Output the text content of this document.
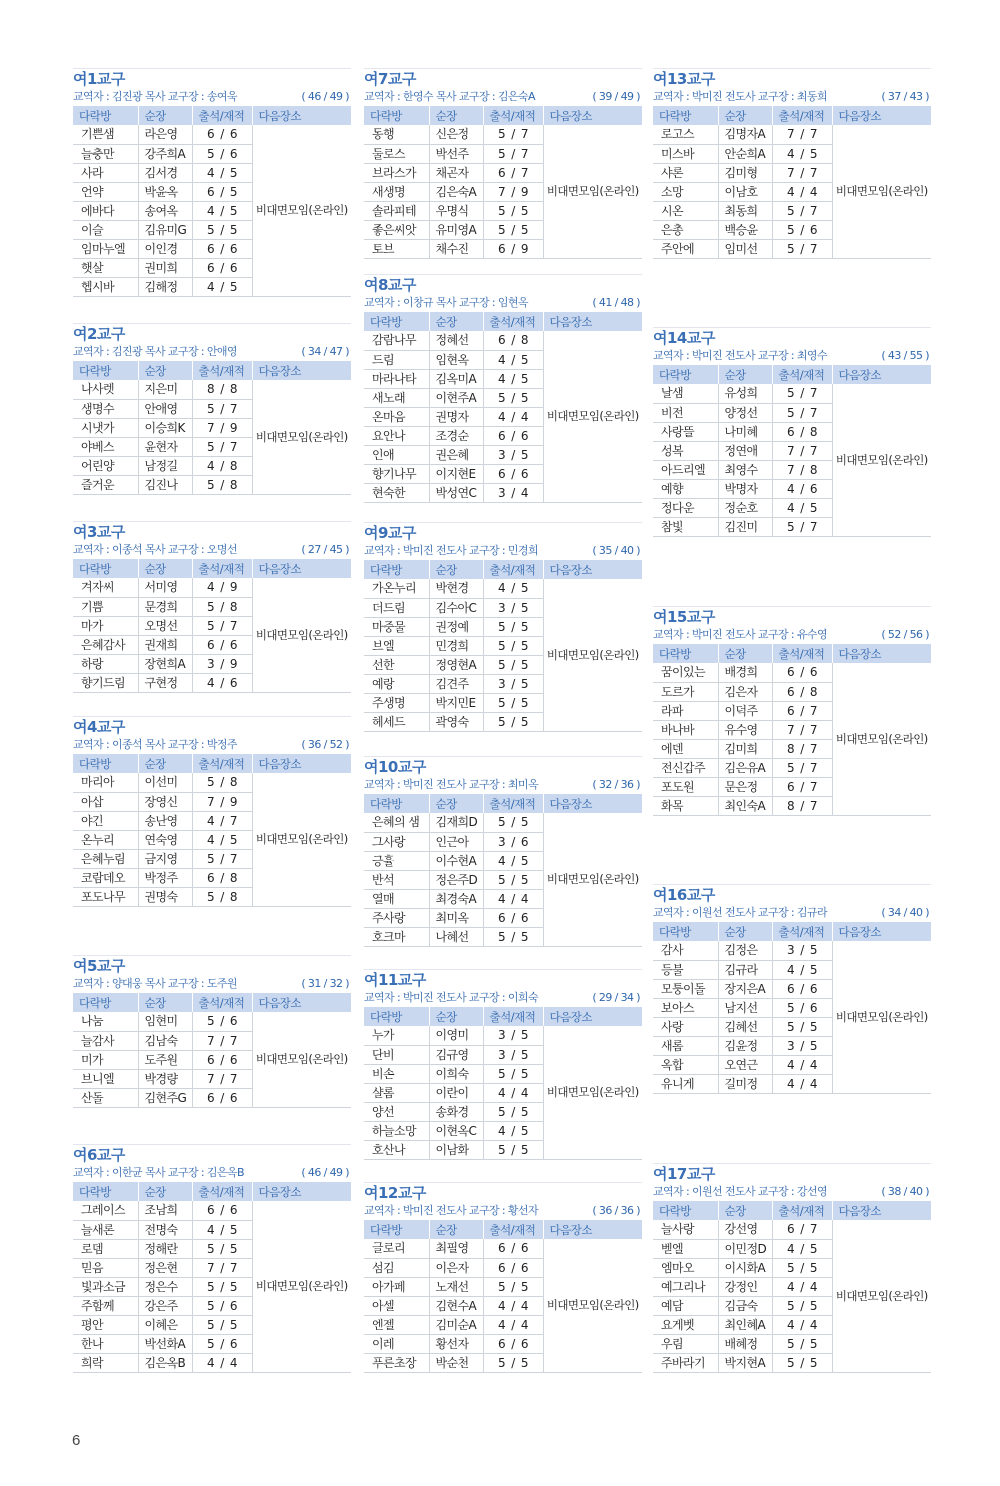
여1교구
교역자 : 김진광 목사 교구장 : 송여욱	( 46 / 49 )
다락방	순장	출석/재적	다음장소
기쁜샘	라은영	6 / 6	비대면모임(온라인)
늘충만	강주희A	5 / 6	
사라	김서경	4 / 5	
언약	박윤옥	6 / 5	
에바다	송여옥	4 / 5	
이슬	김유미G	5 / 5	
임마누엘	이인경	6 / 6	
햇살	권미희	6 / 6	
헵시바	김해정	4 / 5	
여2교구
교역자 : 김진광 목사 교구장 : 안애영	( 34 / 47 )
다락방	순장	출석/재적	다음장소
나사렛	지은미	8 / 8	비대면모임(온라인)
생명수	안애영	5 / 7	
시냇가	이승희K	7 / 9	
야베스	윤현자	5 / 7	
어린양	남정길	4 / 8	
즐거운	김진나	5 / 8	
여3교구
교역자 : 이종석 목사 교구장 : 오명선	( 27 / 45 )
다락방	순장	출석/재적	다음장소
겨자씨	서미영	4 / 9	비대면모임(온라인)
기쁨	문경희	5 / 8	
마가	오명선	5 / 7	
은혜감사	권재희	6 / 6	
하랑	장현희A	3 / 9	
향기드림	구현정	4 / 6	
여4교구
교역자 : 이종석 목사 교구장 : 박정주	( 36 / 52 )
다락방	순장	출석/재적	다음장소
마리아	이선미	5 / 8	비대면모임(온라인)
아삽	장영신	7 / 9	
야긴	송난영	4 / 7	
온누리	연숙영	4 / 5	
은혜누림	금지영	5 / 7	
코람데오	박정주	6 / 8	
포도나무	권명숙	5 / 8	
여5교구
교역자 : 양대웅 목사 교구장 : 도주원	( 31 / 32 )
다락방	순장	출석/재적	다음장소
나눔	임현미	5 / 6	비대면모임(온라인)
늘감사	김남숙	7 / 7	
미가	도주원	6 / 6	
브니엘	박경량	7 / 7	
산돌	김현주G	6 / 6	
여6교구
교역자 : 이한균 목사 교구장 : 김은옥B	( 46 / 49 )
다락방	순장	출석/재적	다음장소
그레이스	조남희	6 / 6	비대면모임(온라인)
늘새론	전명숙	4 / 5	
로뎀	정해란	5 / 5	
믿음	정은현	7 / 7	
빛과소금	정은수	5 / 5	
주함께	강은주	5 / 6	
평안	이혜은	5 / 5	
한나	박선화A	5 / 6	
희락	김은옥B	4 / 4	
여7교구
교역자 : 한영수 목사 교구장 : 김은숙A	( 39 / 49 )
다락방	순장	출석/재적	다음장소
동행	신은정	5 / 7	비대면모임(온라인)
둘로스	박선주	5 / 7	
브라스가	채곤자	6 / 7	
새생명	김은숙A	7 / 9	
솔라피테	우명식	5 / 5	
좋은씨앗	유미영A	5 / 5	
토브	채수진	6 / 9	
여8교구
교역자 : 이창규 목사 교구장 : 임현옥	( 41 / 48 )
다락방	순장	출석/재적	다음장소
감람나무	정혜선	6 / 8	비대면모임(온라인)
드림	임현옥	4 / 5	
마라나타	김옥미A	4 / 5	
새노래	이현주A	5 / 5	
온마음	권명자	4 / 4	
요안나	조경순	6 / 6	
인애	권은혜	3 / 5	
향기나무	이지현E	6 / 6	
현숙한	박성연C	3 / 4	
여9교구
교역자 : 박미진 전도사 교구장 : 민경희	( 35 / 40 )
다락방	순장	출석/재적	다음장소
가온누리	박현경	4 / 5	비대면모임(온라인)
더드림	김수아C	3 / 5	
마중물	권정예	5 / 5	
브엘	민경희	5 / 5	
선한	정영현A	5 / 5	
예랑	김견주	3 / 5	
주생명	박지민E	5 / 5	
헤세드	곽영숙	5 / 5	
여10교구
교역자 : 박미진 전도사 교구장 : 최미옥	( 32 / 36 )
다락방	순장	출석/재적	다음장소
은혜의 샘	김재희D	5 / 5	비대면모임(온라인)
그사랑	인근아	3 / 6	
긍휼	이수현A	4 / 5	
반석	정은주D	5 / 5	
열매	최경숙A	4 / 4	
주사랑	최미옥	6 / 6	
호크마	나혜선	5 / 5	
여11교구
교역자 : 박미진 전도사 교구장 : 이희숙	( 29 / 34 )
다락방	순장	출석/재적	다음장소
누가	이영미	3 / 5	비대면모임(온라인)
단비	김규영	3 / 5	
비손	이희숙	5 / 5	
샬롬	이란이	4 / 4	
양선	송화경	5 / 5	
하늘소망	이현옥C	4 / 5	
호산나	이남화	5 / 5	
여12교구
교역자 : 박미진 전도사 교구장 : 황선자	( 36 / 36 )
다락방	순장	출석/재적	다음장소
글로리	최필영	6 / 6	비대면모임(온라인)
섬김	이은자	6 / 6	
아가페	노재선	5 / 5	
아셀	김현수A	4 / 4	
엔젤	김미순A	4 / 4	
이레	황선자	6 / 6	
푸른초장	박순천	5 / 5	
여13교구
교역자 : 박미진 전도사 교구장 : 최동희	( 37 / 43 )
다락방	순장	출석/재적	다음장소
로고스	김명자A	7 / 7	비대면모임(온라인)
미스바	안순희A	4 / 5	
샤론	김미형	7 / 7	
소망	이남호	4 / 4	
시온	최동희	5 / 7	
은총	백승윤	5 / 6	
주안에	임미선	5 / 7	
여14교구
교역자 : 박미진 전도사 교구장 : 최영수	( 43 / 55 )
다락방	순장	출석/재적	다음장소
날샘	유성희	5 / 7	비대면모임(온라인)
비전	양정선	5 / 7	
사랑뜰	나미혜	6 / 8	
성복	정연애	7 / 7	
아드리엘	최영수	7 / 8	
예향	박명자	4 / 6	
정다운	정순호	4 / 5	
참빛	김진미	5 / 7	
여15교구
교역자 : 박미진 전도사 교구장 : 유수영	( 52 / 56 )
다락방	순장	출석/재적	다음장소
꿈이있는	배경희	6 / 6	비대면모임(온라인)
도르가	김은자	6 / 8	
라파	이덕주	6 / 7	
바나바	유수영	7 / 7	
에덴	김미희	8 / 7	
전신갑주	김은유A	5 / 7	
포도원	문은정	6 / 7	
화목	최인숙A	8 / 7	
여16교구
교역자 : 이원선 전도사 교구장 : 김규라	( 34 / 40 )
다락방	순장	출석/재적	다음장소
감사	김정은	3 / 5	비대면모임(온라인)
등불	김규라	4 / 5	
모퉁이돌	장지은A	6 / 6	
보아스	남지선	5 / 6	
사랑	김혜선	5 / 5	
새롬	김윤정	3 / 5	
옥합	오연근	4 / 4	
유니게	길미정	4 / 4	
여17교구
교역자 : 이원선 전도사 교구장 : 강선영	( 38 / 40 )
다락방	순장	출석/재적	다음장소
늘사랑	강선영	6 / 7	비대면모임(온라인)
벧엘	이민정D	4 / 5	
엠마오	이시화A	5 / 5	
예그리나	강정인	4 / 4	
예담	김금숙	5 / 5	
요게벳	최인혜A	4 / 4	
우림	배혜정	5 / 5	
주바라기	박지현A	5 / 5	
6
